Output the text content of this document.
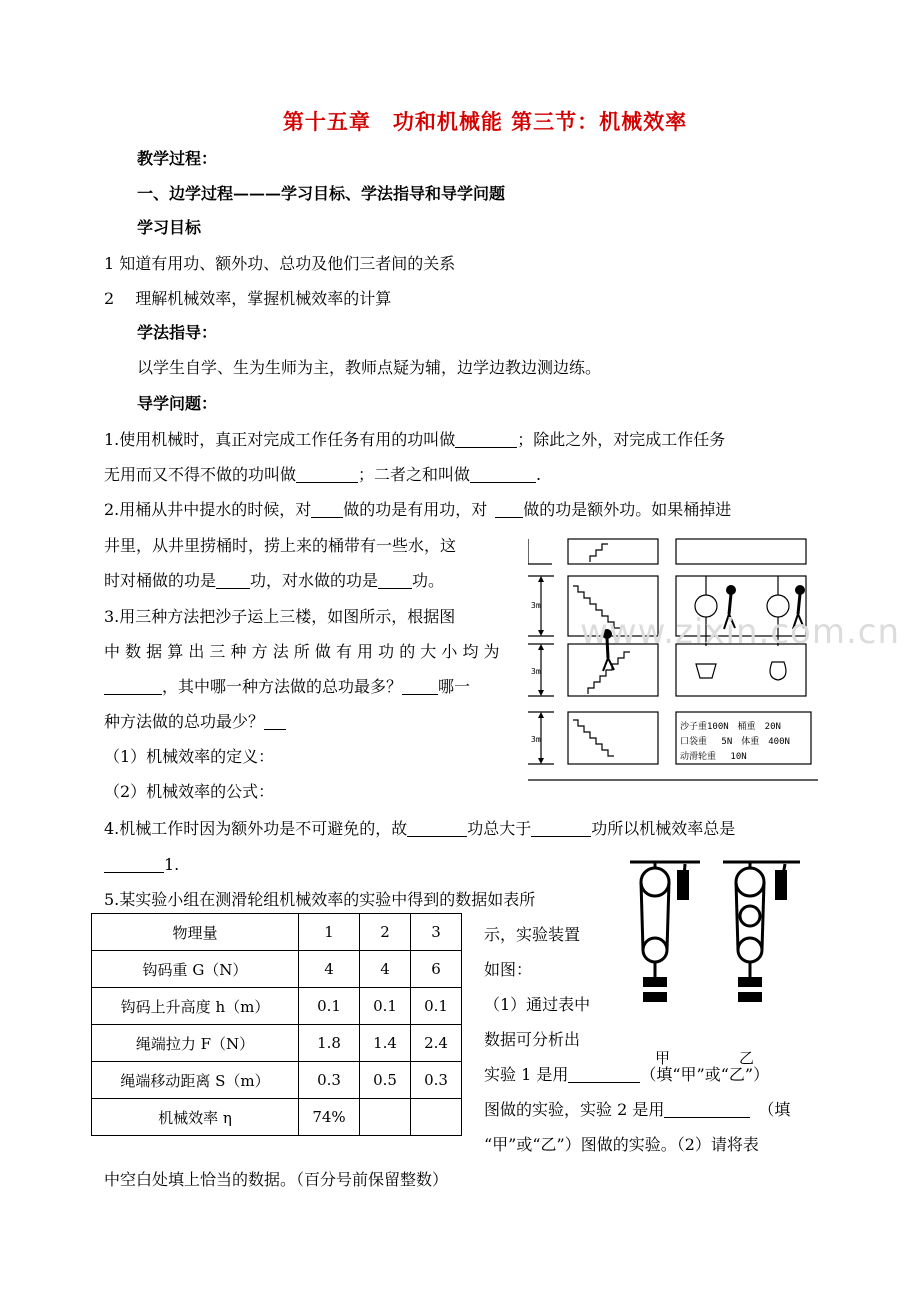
第十五章　功和机械能 第三节：机械效率
教学过程：
一、边学过程———学习目标、学法指导和导学问题
学习目标
1 知道有用功、额外功、总功及他们三者间的关系
2　 理解机械效率，掌握机械效率的计算
学法指导：
以学生自学、生为生师为主，教师点疑为辅，边学边教边测边练。
导学问题：
1.使用机械时，真正对完成工作任务有用的功叫做	；除此之外，对完成工作任务
无用而又不得不做的功叫做	；二者之和叫做	.
2.用桶从井中提水的时候，对 做的功是有用功，对 做的功是额外功。如果桶掉进
井里，从井里捞桶时，捞上来的桶带有一些水，这
时对桶做的功是 功，对水做的功是 功。
3.用三种方法把沙子运上三楼，如图所示，根据图
中 数 据 算 出 三 种 方 法 所 做 有 用 功 的 大 小 均 为
，其中哪一种方法做的总功最多？ 哪一
种方法做的总功最少？
（1）机械效率的定义：
（2）机械效率的公式：
3m
3m
3m
沙子重100N　桶重　20N
口袋重　 5N　体重　400N
动滑轮重　 10N
www.zixin.com.cn
4.机械工作时因为额外功是不可避免的，故	功总大于	功所以机械效率总是
1.
5.某实验小组在测滑轮组机械效率的实验中得到的数据如表所
示，实验装置
如图：
（1）通过表中
数据可分析出
实验 1 是用	（填“甲”或“乙”）
图做的实验，实验 2 是用	（填
“甲”或“乙”）图做的实验。（2）请将表
中空白处填上恰当的数据。（百分号前保留整数）
甲	乙
物理量	1	2	3
钩码重 G（N）	4	4	6
钩码上升高度 h（m）	0.1	0.1	0.1
绳端拉力 F（N）	1.8	1.4	2.4
绳端移动距离 S（m）	0.3	0.5	0.3
机械效率 η	74%		
